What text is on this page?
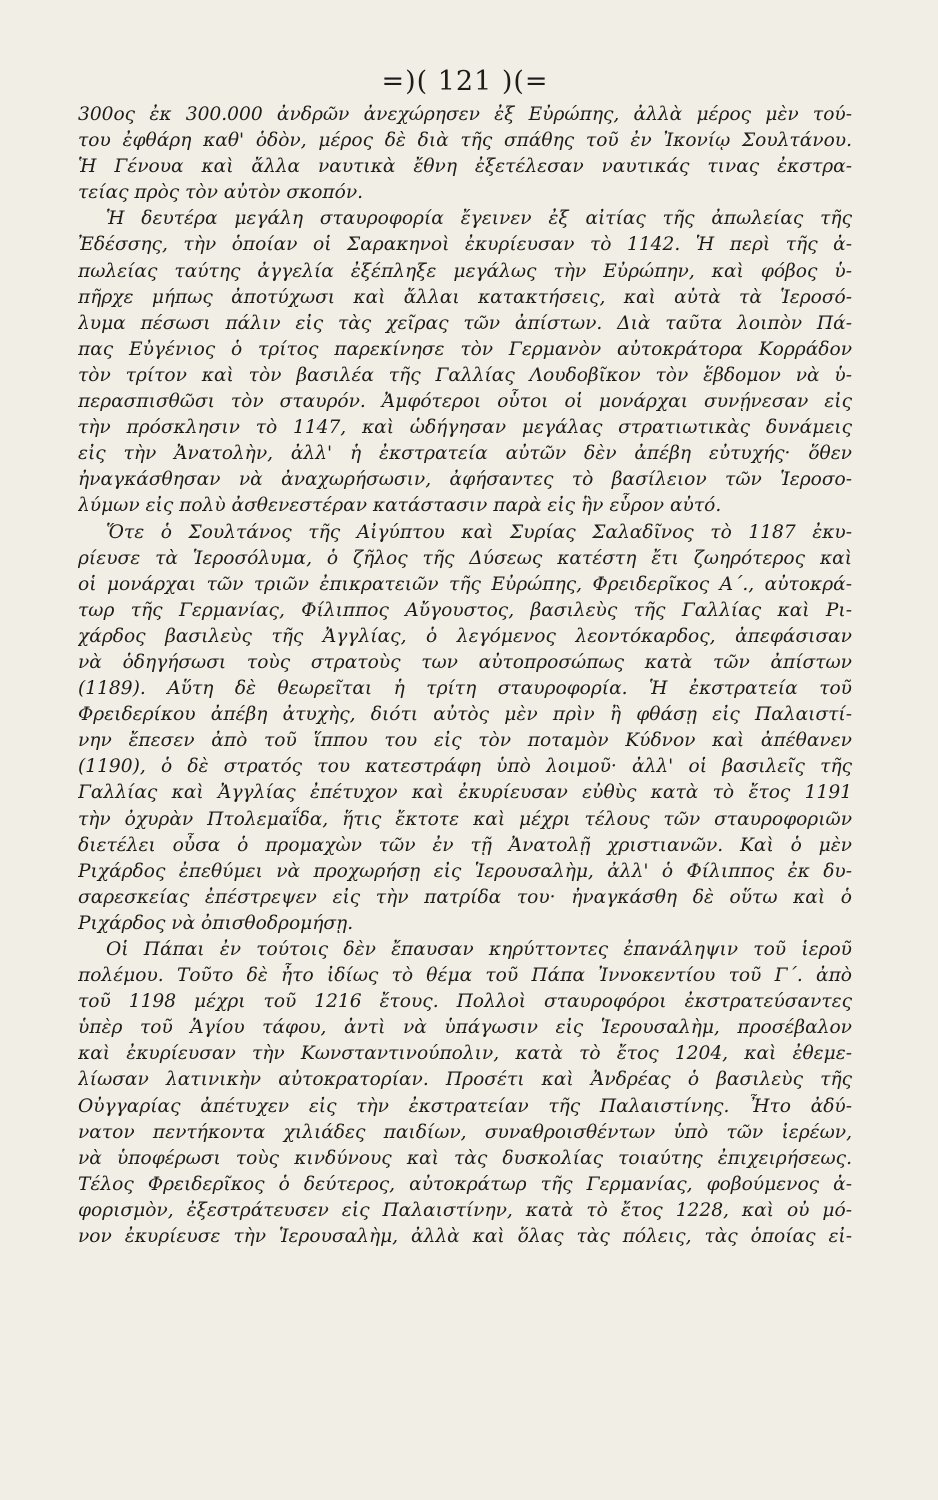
=)( 121 )(=
300ος ἐκ 300.000 ἀνδρῶν ἀνεχώρησεν ἐξ Εὐρώπης, ἀλλὰ μέρος μὲν τού-
του ἐφθάρη καθ' ὁδὸν, μέρος δὲ διὰ τῆς σπάθης τοῦ ἐν Ἰκονίῳ Σουλτάνου.
Ἡ Γένουα καὶ ἄλλα ναυτικὰ ἔθνη ἐξετέλεσαν ναυτικάς τινας ἐκστρα-
τείας πρὸς τὸν αὐτὸν σκοπόν.
Ἡ δευτέρα μεγάλη σταυροφορία ἔγεινεν ἐξ αἰτίας τῆς ἀπωλείας τῆς
Ἐδέσσης, τὴν ὁποίαν οἱ Σαρακηνοὶ ἐκυρίευσαν τὸ 1142. Ἡ περὶ τῆς ἀ-
πωλείας ταύτης ἀγγελία ἐξέπληξε μεγάλως τὴν Εὐρώπην, καὶ φόβος ὑ-
πῆρχε μήπως ἀποτύχωσι καὶ ἄλλαι κατακτήσεις, καὶ αὐτὰ τὰ Ἱεροσό-
λυμα πέσωσι πάλιν εἰς τὰς χεῖρας τῶν ἀπίστων. Διὰ ταῦτα λοιπὸν Πά-
πας Εὐγένιος ὁ τρίτος παρεκίνησε τὸν Γερμανὸν αὐτοκράτορα Κορράδον
τὸν τρίτον καὶ τὸν βασιλέα τῆς Γαλλίας Λουδοβῖκον τὸν ἕβδομον νὰ ὑ-
περασπισθῶσι τὸν σταυρόν. Ἀμφότεροι οὗτοι οἱ μονάρχαι συνῄνεσαν εἰς
τὴν πρόσκλησιν τὸ 1147, καὶ ὡδήγησαν μεγάλας στρατιωτικὰς δυνάμεις
εἰς τὴν Ἀνατολὴν, ἀλλ' ἡ ἐκστρατεία αὐτῶν δὲν ἀπέβη εὐτυχής· ὅθεν
ἠναγκάσθησαν νὰ ἀναχωρήσωσιν, ἀφήσαντες τὸ βασίλειον τῶν Ἱεροσο-
λύμων εἰς πολὺ ἀσθενεστέραν κατάστασιν παρὰ εἰς ἣν εὗρον αὐτό.
Ὅτε ὁ Σουλτάνος τῆς Αἰγύπτου καὶ Συρίας Σαλαδῖνος τὸ 1187 ἐκυ-
ρίευσε τὰ Ἱεροσόλυμα, ὁ ζῆλος τῆς Δύσεως κατέστη ἔτι ζωηρότερος καὶ
οἱ μονάρχαι τῶν τριῶν ἐπικρατειῶν τῆς Εὐρώπης, Φρειδερῖκος Α΄., αὐτοκρά-
τωρ τῆς Γερμανίας, Φίλιππος Αὔγουστος, βασιλεὺς τῆς Γαλλίας καὶ Ρι-
χάρδος βασιλεὺς τῆς Ἀγγλίας, ὁ λεγόμενος λεοντόκαρδος, ἀπεφάσισαν
νὰ ὁδηγήσωσι τοὺς στρατοὺς των αὐτοπροσώπως κατὰ τῶν ἀπίστων
(1189). Αὕτη δὲ θεωρεῖται ἡ τρίτη σταυροφορία. Ἡ ἐκστρατεία τοῦ
Φρειδερίκου ἀπέβη ἀτυχὴς, διότι αὐτὸς μὲν πρὶν ἢ φθάσῃ εἰς Παλαιστί-
νην ἔπεσεν ἀπὸ τοῦ ἵππου του εἰς τὸν ποταμὸν Κύδνον καὶ ἀπέθανεν
(1190), ὁ δὲ στρατός του κατεστράφη ὑπὸ λοιμοῦ· ἀλλ' οἱ βασιλεῖς τῆς
Γαλλίας καὶ Ἀγγλίας ἐπέτυχον καὶ ἐκυρίευσαν εὐθὺς κατὰ τὸ ἔτος 1191
τὴν ὀχυρὰν Πτολεμαΐδα, ἥτις ἔκτοτε καὶ μέχρι τέλους τῶν σταυροφοριῶν
διετέλει οὖσα ὁ προμαχὼν τῶν ἐν τῇ Ἀνατολῇ χριστιανῶν. Καὶ ὁ μὲν
Ριχάρδος ἐπεθύμει νὰ προχωρήσῃ εἰς Ἱερουσαλὴμ, ἀλλ' ὁ Φίλιππος ἐκ δυ-
σαρεσκείας ἐπέστρεψεν εἰς τὴν πατρίδα του· ἠναγκάσθη δὲ οὕτω καὶ ὁ
Ριχάρδος νὰ ὀπισθοδρομήσῃ.
Οἱ Πάπαι ἐν τούτοις δὲν ἔπαυσαν κηρύττοντες ἐπανάληψιν τοῦ ἱεροῦ
πολέμου. Τοῦτο δὲ ἦτο ἰδίως τὸ θέμα τοῦ Πάπα Ἰννοκεντίου τοῦ Γ΄. ἀπὸ
τοῦ 1198 μέχρι τοῦ 1216 ἔτους. Πολλοὶ σταυροφόροι ἐκστρατεύσαντες
ὑπὲρ τοῦ Ἁγίου τάφου, ἀντὶ νὰ ὑπάγωσιν εἰς Ἱερουσαλὴμ, προσέβαλον
καὶ ἐκυρίευσαν τὴν Κωνσταντινούπολιν, κατὰ τὸ ἔτος 1204, καὶ ἐθεμε-
λίωσαν λατινικὴν αὐτοκρατορίαν. Προσέτι καὶ Ἀνδρέας ὁ βασιλεὺς τῆς
Οὐγγαρίας ἀπέτυχεν εἰς τὴν ἐκστρατείαν τῆς Παλαιστίνης. Ἦτο ἀδύ-
νατον πεντήκοντα χιλιάδες παιδίων, συναθροισθέντων ὑπὸ τῶν ἱερέων,
νὰ ὑποφέρωσι τοὺς κινδύνους καὶ τὰς δυσκολίας τοιαύτης ἐπιχειρήσεως.
Τέλος Φρειδερῖκος ὁ δεύτερος, αὐτοκράτωρ τῆς Γερμανίας, φοβούμενος ἀ-
φορισμὸν, ἐξεστράτευσεν εἰς Παλαιστίνην, κατὰ τὸ ἔτος 1228, καὶ οὐ μό-
νον ἐκυρίευσε τὴν Ἱερουσαλὴμ, ἀλλὰ καὶ ὅλας τὰς πόλεις, τὰς ὁποίας εἰ-
